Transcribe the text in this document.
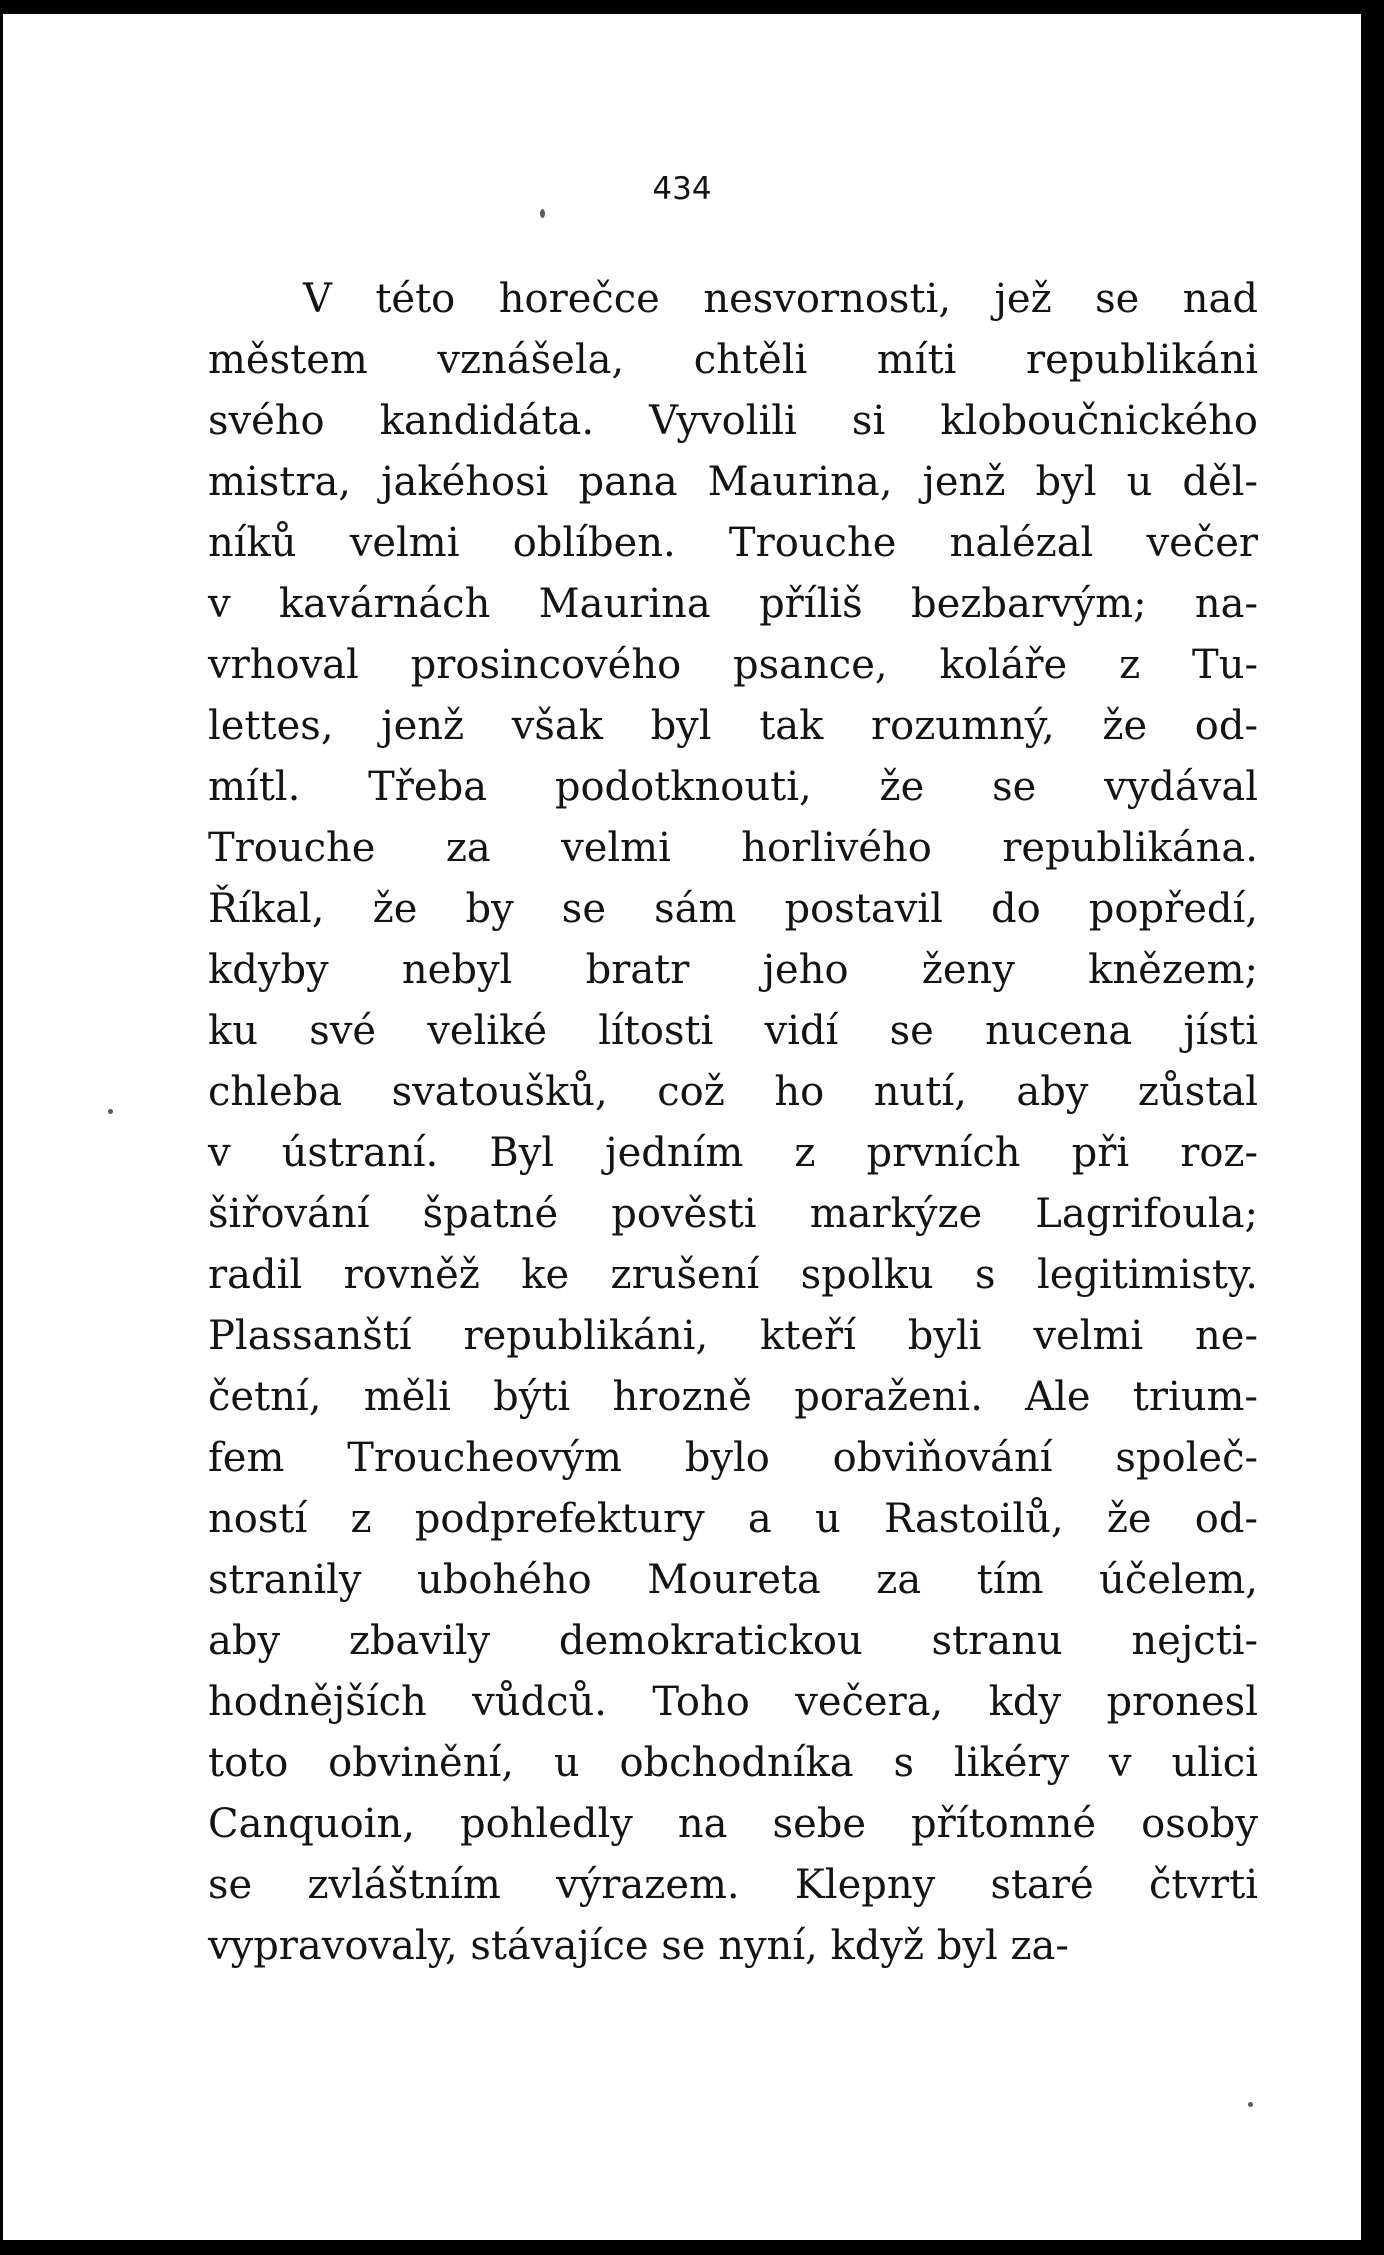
434
V této horečce nesvornosti, jež se nad
městem vznášela, chtěli míti republikáni
svého kandidáta. Vyvolili si kloboučnického
mistra, jakéhosi pana Maurina, jenž byl u děl-
níků velmi oblíben. Trouche nalézal večer
v kavárnách Maurina příliš bezbarvým; na-
vrhoval prosincového psance, koláře z Tu-
lettes, jenž však byl tak rozumný, že od-
mítl. Třeba podotknouti, že se vydával
Trouche za velmi horlivého republikána.
Říkal, že by se sám postavil do popředí,
kdyby nebyl bratr jeho ženy knězem;
ku své veliké lítosti vidí se nucena jísti
chleba svatoušků, což ho nutí, aby zůstal
v ústraní. Byl jedním z prvních při roz-
šiřování špatné pověsti markýze Lagrifoula;
radil rovněž ke zrušení spolku s legitimisty.
Plassanští republikáni, kteří byli velmi ne-
četní, měli býti hrozně poraženi. Ale trium-
fem Troucheovým bylo obviňování společ-
ností z podprefektury a u Rastoilů, že od-
stranily ubohého Moureta za tím účelem,
aby zbavily demokratickou stranu nejcti-
hodnějších vůdců. Toho večera, kdy pronesl
toto obvinění, u obchodníka s likéry v ulici
Canquoin, pohledly na sebe přítomné osoby
se zvláštním výrazem. Klepny staré čtvrti
vypravovaly, stávajíce se nyní, když byl za-
